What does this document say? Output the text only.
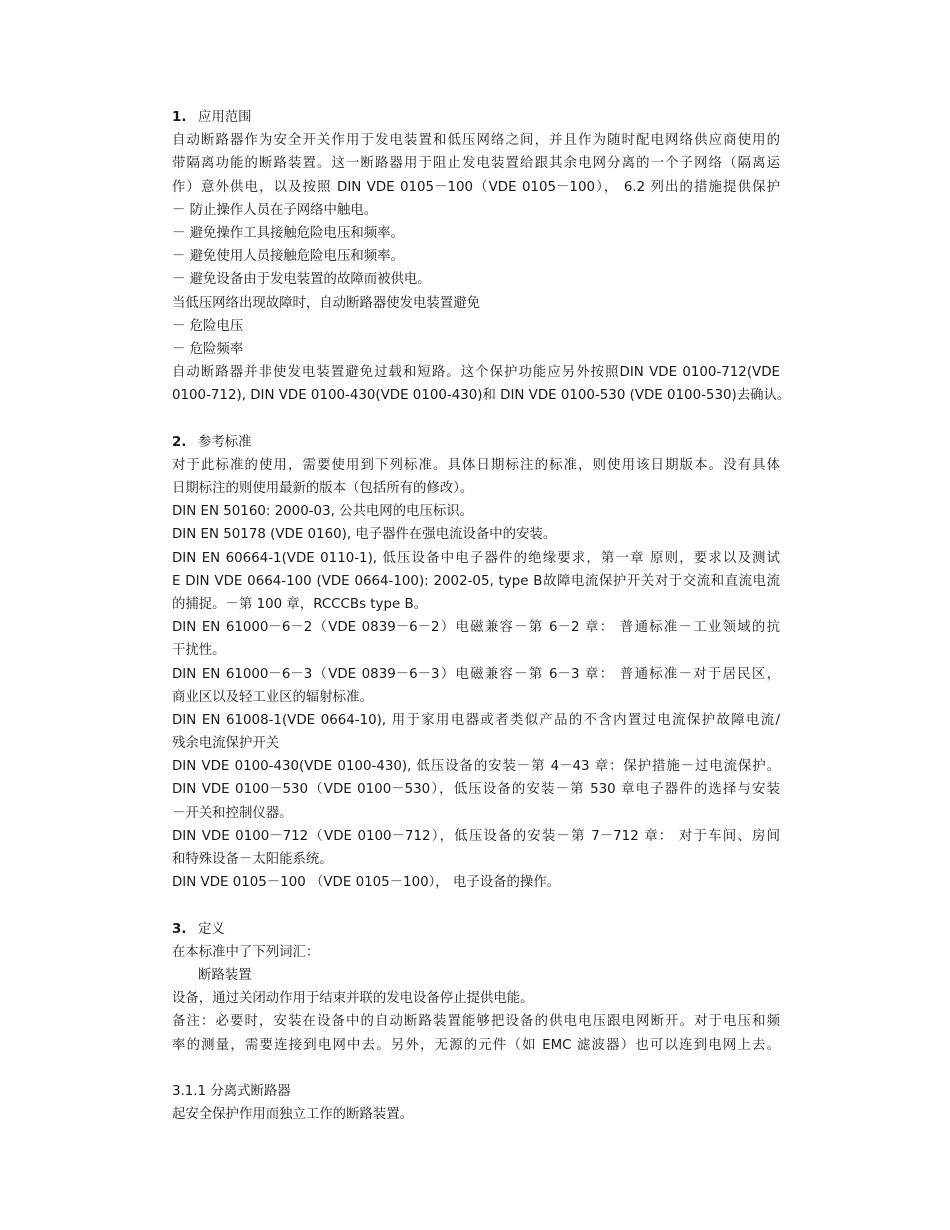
1. 应用范围
自动断路器作为安全开关作用于发电装置和低压网络之间，并且作为随时配电网络供应商使用的
带隔离功能的断路装置。这一断路器用于阻止发电装置给跟其余电网分离的一个子网络（隔离运
作）意外供电，以及按照 DIN VDE 0105－100（VDE 0105－100）， 6.2 列出的措施提供保护
－ 防止操作人员在子网络中触电。
－ 避免操作工具接触危险电压和频率。
－ 避免使用人员接触危险电压和频率。
－ 避免设备由于发电装置的故障而被供电。
当低压网络出现故障时，自动断路器使发电装置避免
－ 危险电压
－ 危险频率
自动断路器并非使发电装置避免过载和短路。这个保护功能应另外按照DIN VDE 0100-712(VDE
0100-712), DIN VDE 0100-430(VDE 0100-430)和 DIN VDE 0100-530 (VDE 0100-530)去确认。
2. 参考标准
对于此标准的使用，需要使用到下列标准。具体日期标注的标准，则使用该日期版本。没有具体
日期标注的则使用最新的版本（包括所有的修改）。
DIN EN 50160: 2000-03, 公共电网的电压标识。
DIN EN 50178 (VDE 0160), 电子器件在强电流设备中的安装。
DIN EN 60664-1(VDE 0110-1), 低压设备中电子器件的绝缘要求，第一章 原则，要求以及测试
E DIN VDE 0664-100 (VDE 0664-100): 2002-05, type B故障电流保护开关对于交流和直流电流
的捕捉。－第 100 章，RCCCBs type B。
DIN EN 61000－6－2（VDE 0839－6－2）电磁兼容－第 6－2 章： 普通标准－工业领域的抗
干扰性。
DIN EN 61000－6－3（VDE 0839－6－3）电磁兼容－第 6－3 章： 普通标准－对于居民区，
商业区以及轻工业区的辐射标准。
DIN EN 61008-1(VDE 0664-10), 用于家用电器或者类似产品的不含内置过电流保护故障电流/
残余电流保护开关
DIN VDE 0100-430(VDE 0100-430), 低压设备的安装－第 4－43 章：保护措施－过电流保护。
DIN VDE 0100－530（VDE 0100－530），低压设备的安装－第 530 章电子器件的选择与安装
－开关和控制仪器。
DIN VDE 0100－712（VDE 0100－712），低压设备的安装－第 7－712 章： 对于车间、房间
和特殊设备－太阳能系统。
DIN VDE 0105－100 （VDE 0105－100）， 电子设备的操作。
3. 定义
在本标准中了下列词汇：
断路装置
设备，通过关闭动作用于结束并联的发电设备停止提供电能。
备注：必要时，安装在设备中的自动断路装置能够把设备的供电电压跟电网断开。对于电压和频
率的测量，需要连接到电网中去。另外，无源的元件（如 EMC 滤波器）也可以连到电网上去。
3.1.1 分离式断路器
起安全保护作用而独立工作的断路装置。
